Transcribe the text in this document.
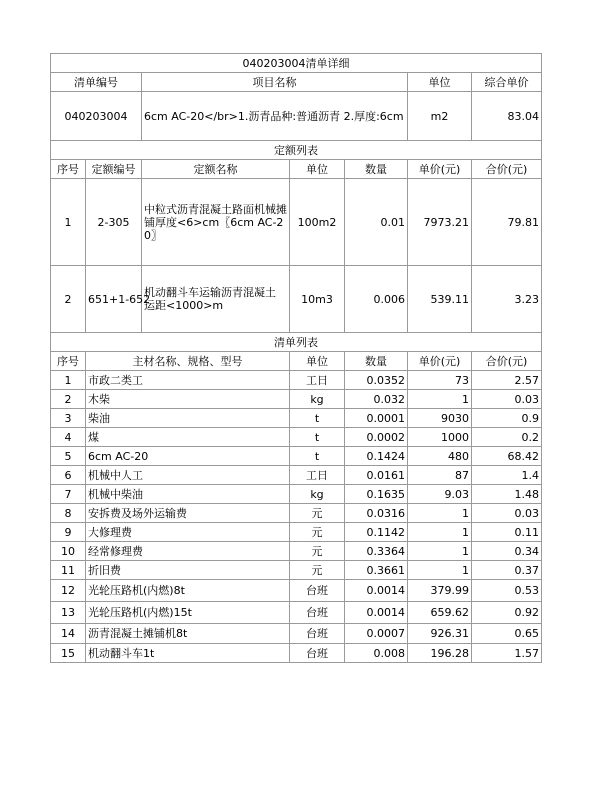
040203004清单详细						
清单编号		项目名称			单位	综合单价
040203004		6cm AC-20</br>1.沥青品种:普通沥青 2.厚度:6cm			m2	83.04
定额列表						
序号	定额编号	定额名称	单位	数量	单价(元)	合价(元)
1	2-305	中粒式沥青混凝土路面机械摊铺厚度<6>cm〖6cm AC-20〗	100m2	0.01	7973.21	79.81
2	651+1-652	机动翻斗车运输沥青混凝土 运距<1000>m	10m3	0.006	539.11	3.23
清单列表						
序号	主材名称、规格、型号		单位	数量	单价(元)	合价(元)
1	市政二类工		工日	0.0352	73	2.57
2	木柴		kg	0.032	1	0.03
3	柴油		t	0.0001	9030	0.9
4	煤		t	0.0002	1000	0.2
5	6cm AC-20		t	0.1424	480	68.42
6	机械中人工		工日	0.0161	87	1.4
7	机械中柴油		kg	0.1635	9.03	1.48
8	安拆费及场外运输费		元	0.0316	1	0.03
9	大修理费		元	0.1142	1	0.11
10	经常修理费		元	0.3364	1	0.34
11	折旧费		元	0.3661	1	0.37
12	光轮压路机(内燃)8t		台班	0.0014	379.99	0.53
13	光轮压路机(内燃)15t		台班	0.0014	659.62	0.92
14	沥青混凝土摊铺机8t		台班	0.0007	926.31	0.65
15	机动翻斗车1t		台班	0.008	196.28	1.57
